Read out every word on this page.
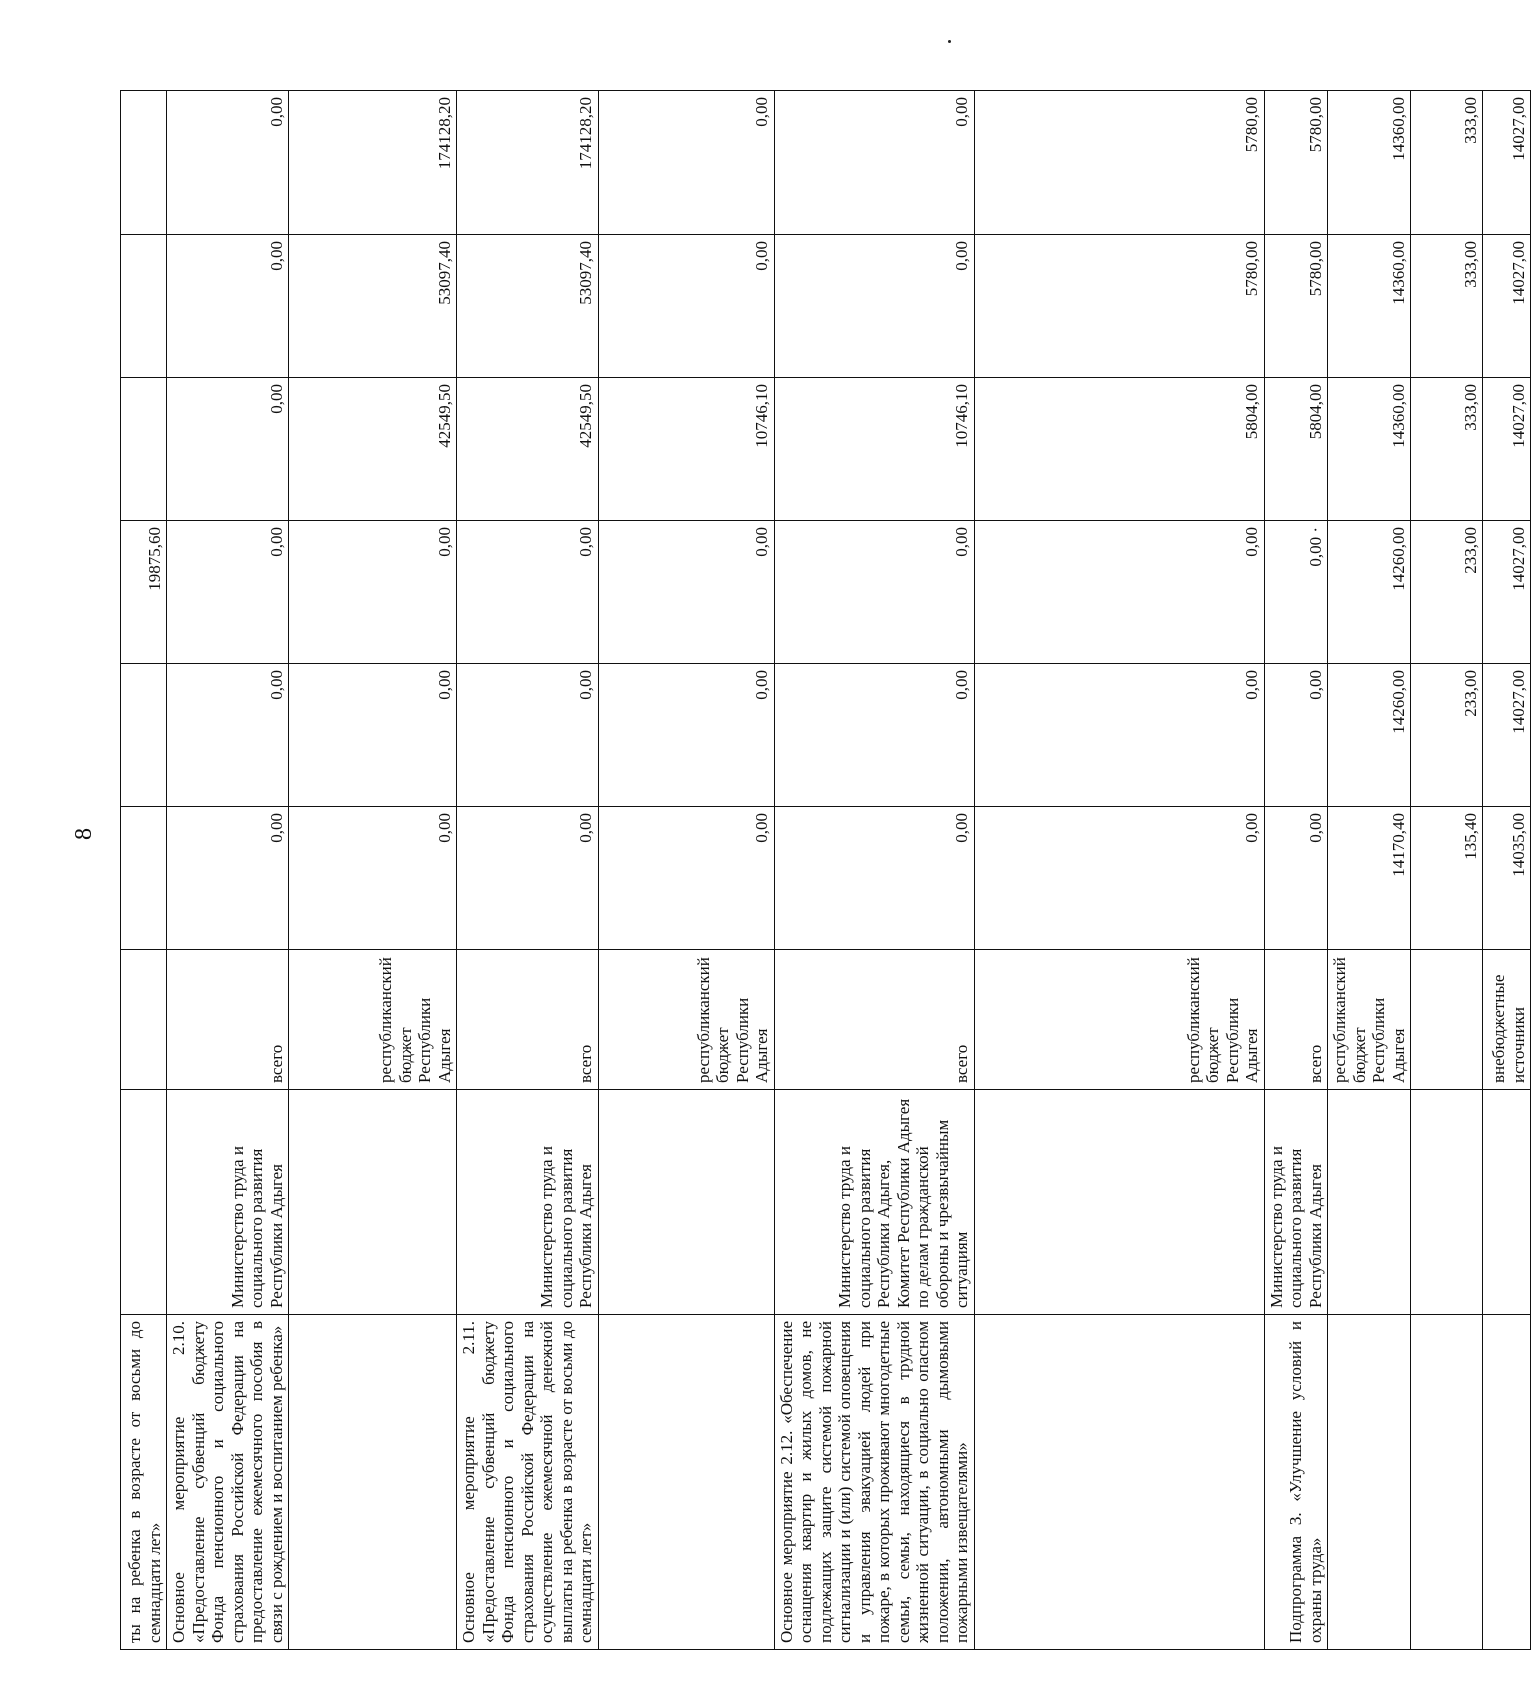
8
ты на ребенка в возрасте от восьми до семнадцати лет»					19875,60			
Основное мероприятие 2.10. «Предоставление субвенций бюджету Фонда пенсионного и социального страхования Российской Федерации на предоставление ежемесячного пособия в связи с рождением и воспитанием ребенка»	Министерство труда и социального развития Республики Адыгея	всего	0,00	0,00	0,00	0,00	0,00	0,00
		республиканский бюджет Республики Адыгея	0,00	0,00	0,00	42549,50	53097,40	174128,20
Основное мероприятие 2.11. «Предоставление субвенций бюджету Фонда пенсионного и социального страхования Российской Федерации на осуществление ежемесячной денежной выплаты на ребенка в возрасте от восьми до семнадцати лет»	Министерство труда и социального развития Республики Адыгея	всего	0,00	0,00	0,00	42549,50	53097,40	174128,20
		республиканский бюджет Республики Адыгея	0,00	0,00	0,00	10746,10	0,00	0,00
Основное мероприятие 2.12. «Обеспечение оснащения квартир и жилых домов, не подлежащих защите системой пожарной сигнализации и (или) системой оповещения и управления эвакуацией людей при пожаре, в которых проживают многодетные семьи, семьи, находящиеся в трудной жизненной ситуации, в социально опасном положении, автономными дымовыми пожарными извещателями»	Министерство труда и социального развития Республики Адыгея, Комитет Республики Адыгея по делам гражданской обороны и чрезвычайным ситуациям	всего	0,00	0,00	0,00	10746,10	0,00	0,00
		республиканский бюджет Республики Адыгея	0,00	0,00	0,00	5804,00	5780,00	5780,00
Подпрограмма 3. «Улучшение условий и охраны труда»	Министерство труда и социального развития Республики Адыгея	всего	0,00	0,00	0,00 ·	5804,00	5780,00	5780,00
		республиканский бюджет Республики Адыгея	14170,40	14260,00	14260,00	14360,00	14360,00	14360,00
			135,40	233,00	233,00	333,00	333,00	333,00
		внебюджетные источники	14035,00	14027,00	14027,00	14027,00	14027,00	14027,00
